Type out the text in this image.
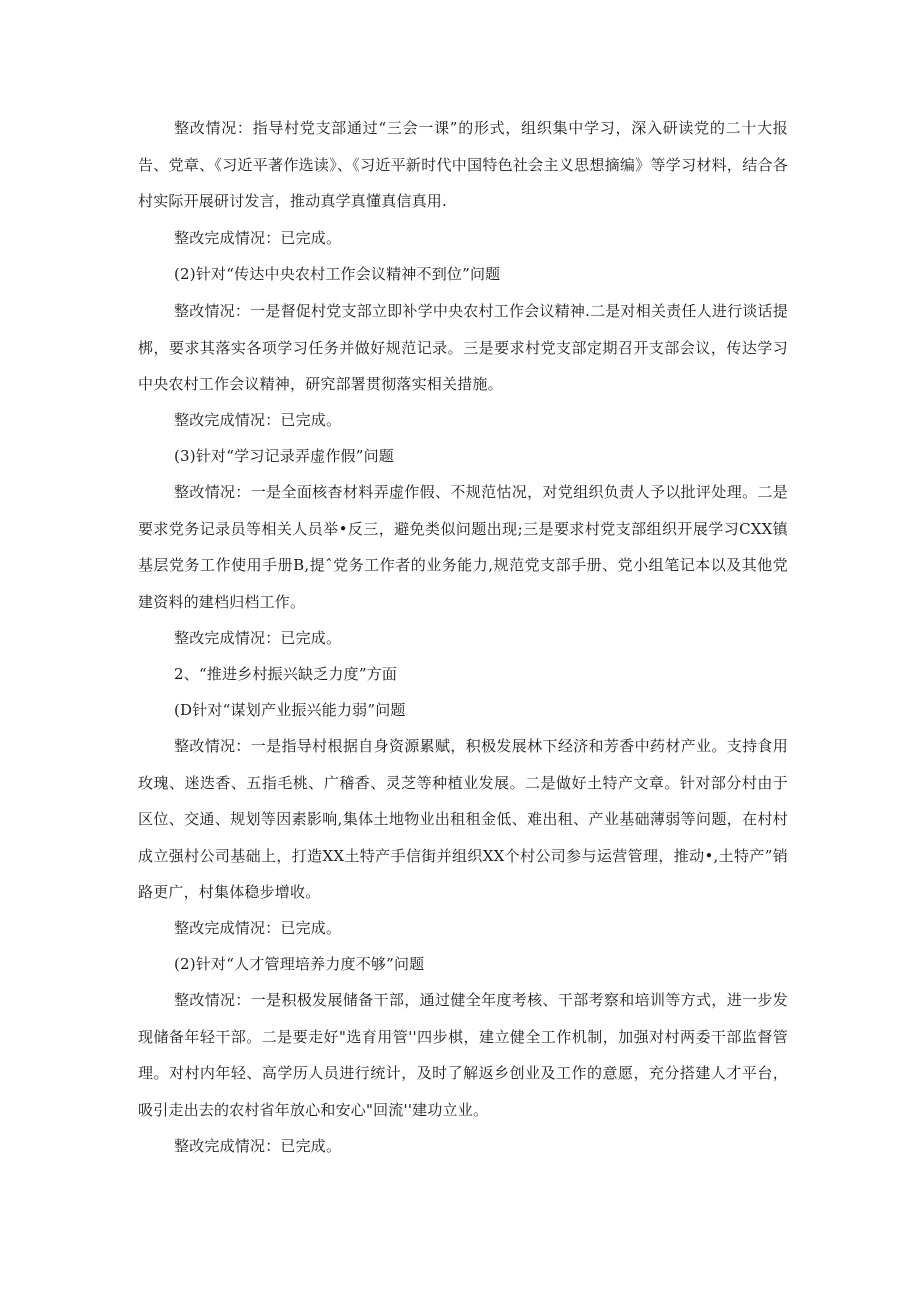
整改情况：指导村党支部通过“三会一课”的形式，组织集中学习，深入研读党的二十大报告、党章、《习近平著作选读》、《习近平新时代中国特色社会主义思想摘编》等学习材料，结合各村实际开展研讨发言，推动真学真懂真信真用.

整改完成情况：已完成。

(2)针对“传达中央农村工作会议精神不到位”问题

整改情况：一是督促村党支部立即补学中央农村工作会议精神.二是对相关责任人进行谈话提梆，要求其落实各项学习任务并做好规范记录。三是要求村党支部定期召开支部会议，传达学习中央农村工作会议精神，研究部署贯彻落实相关措施。

整改完成情况：已完成。

(3)针对“学习记录弄虚作假”问题

整改情况：一是全面核杳材料弄虚作假、不规范怙况，对党组织负责人予以批评处理。二是要求党务记录员等相关人员举•反三，避免类似问题出现;三是要求村党支部组织开展学习CXX镇基层党务工作使用手册B,提ˆ党务工作者的业务能力,规范党支部手册、党小组笔记本以及其他党建资料的建档归档工作。

整改完成情况：已完成。

2、“推进乡村振兴缺乏力度”方面

(D针对“谋划产业振兴能力弱”问题

整改情况：一是指导村根据自身资源累赋，积极发展林下经济和芳香中药材产业。支持食用玫瑰、迷迭香、五指毛桃、广稽香、灵芝等种植业发展。二是做好土特产文章。针对部分村由于区位、交通、规划等因素影响,集体土地物业出租租金低、难出租、产业基础薄弱等问题，在村村成立强村公司基础上，打造XX土特产手信街并组织XX个村公司参与运营管理，推动•,土特产”销路更广，村集体稳步增收。

整改完成情况：已完成。

(2)针对“人才管理培养力度不够”问题

整改情况：一是积极发展储备干部，通过健全年度考核、干部考察和培训等方式，进一步发现储备年轻干部。二是要走好"选育用管''四步棋，建立健全工作机制，加强对村两委干部监督管理。对村内年轻、高学历人员进行统计，及时了解返乡创业及工作的意愿，充分搭建人才平台，吸引走出去的农村省年放心和安心"回流''建功立业。

整改完成情况：已完成。
